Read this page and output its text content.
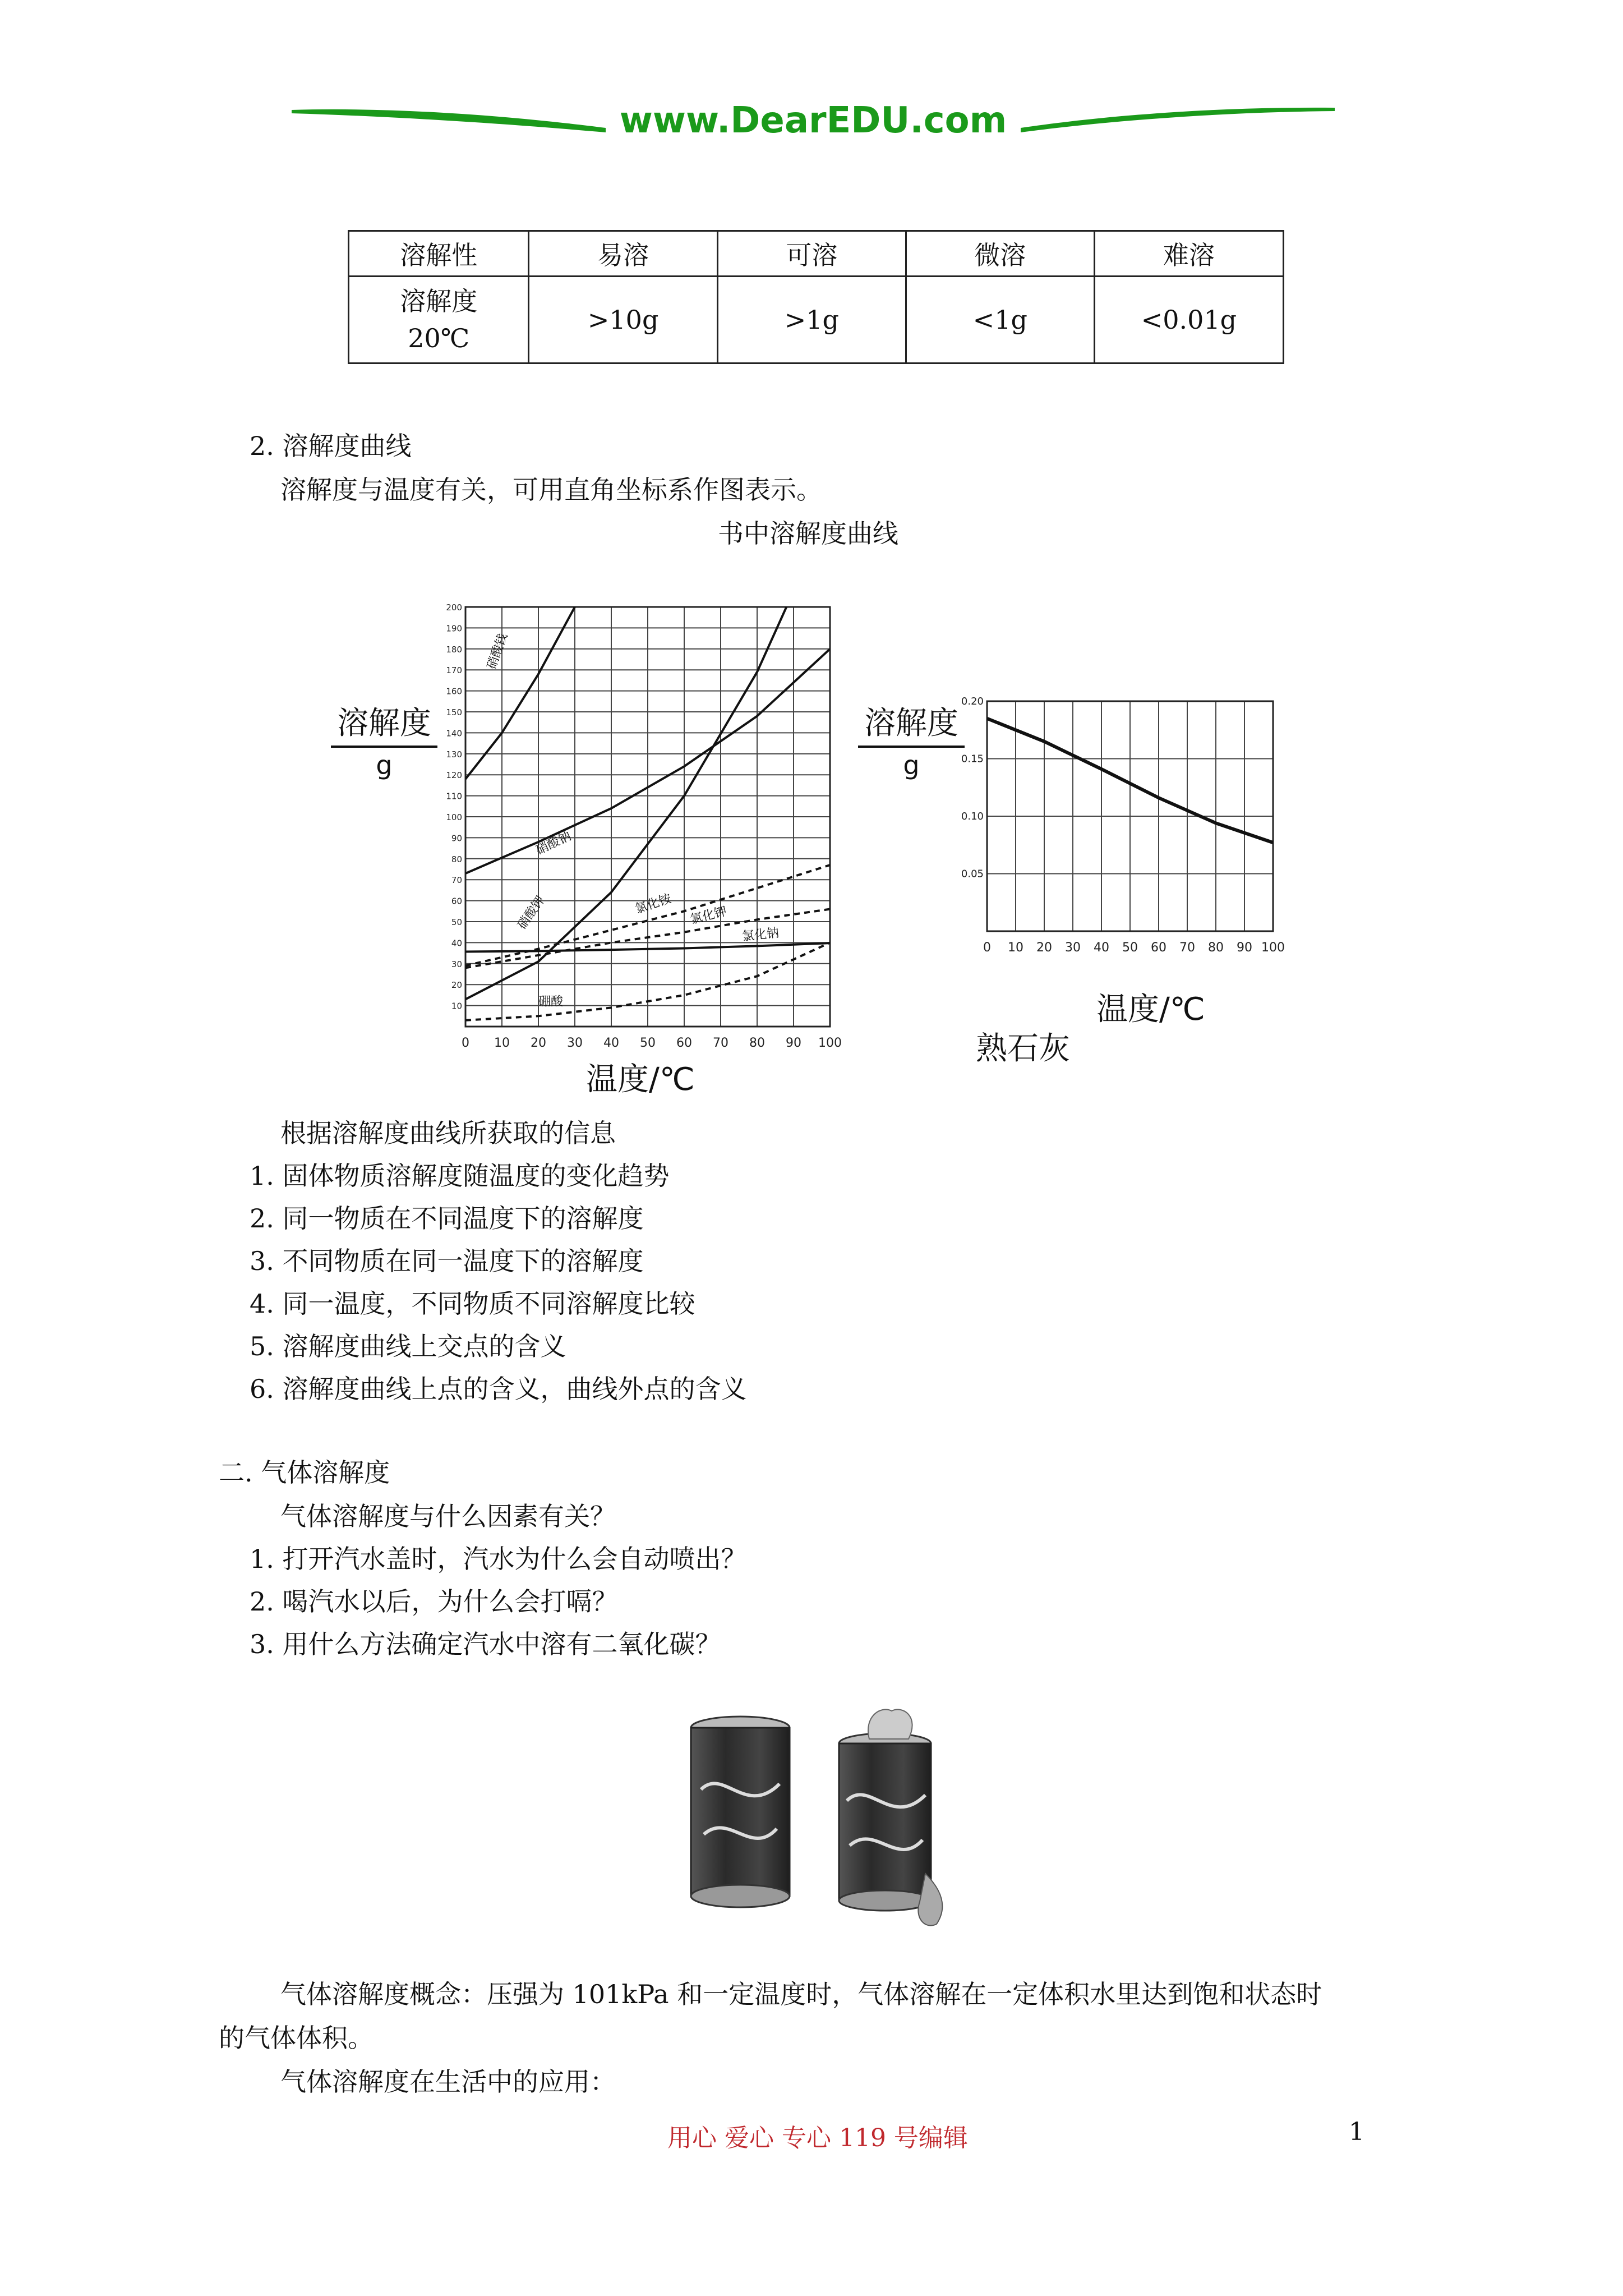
www.DearEDU.com
溶解性	易溶	可溶	微溶	难溶

溶解度
20℃	>10g	>1g	<1g	<0.01g
2. 溶解度曲线
溶解度与温度有关，可用直角坐标系作图表示。
书中溶解度曲线
溶解度
g
温度/℃
0 10 20 30 40 50 60 70 80 90 100
10
20
30
40
50
60
70
80
90
100
110
120
130
140
150
160
170
180
190
200
硝酸钱
硝酸钠
硝酸钾	氯化铵 氯化钾
氯化钠
硼酸
溶解度
g
温度/℃
熟石灰
0 10 20 30 40 50 60 70 80 90 100
0.05
0.10
0.15
0.20
根据溶解度曲线所获取的信息
1. 固体物质溶解度随温度的变化趋势
2. 同一物质在不同温度下的溶解度
3. 不同物质在同一温度下的溶解度
4. 同一温度，不同物质不同溶解度比较
5. 溶解度曲线上交点的含义
6. 溶解度曲线上点的含义，曲线外点的含义
二. 气体溶解度
气体溶解度与什么因素有关？
1. 打开汽水盖时，汽水为什么会自动喷出？
2. 喝汽水以后，为什么会打嗝？
3. 用什么方法确定汽水中溶有二氧化碳？
气体溶解度概念：压强为 101kPa 和一定温度时，气体溶解在一定体积水里达到饱和状态时
的气体体积。
气体溶解度在生活中的应用：
用心 爱心 专心 119 号编辑	1
